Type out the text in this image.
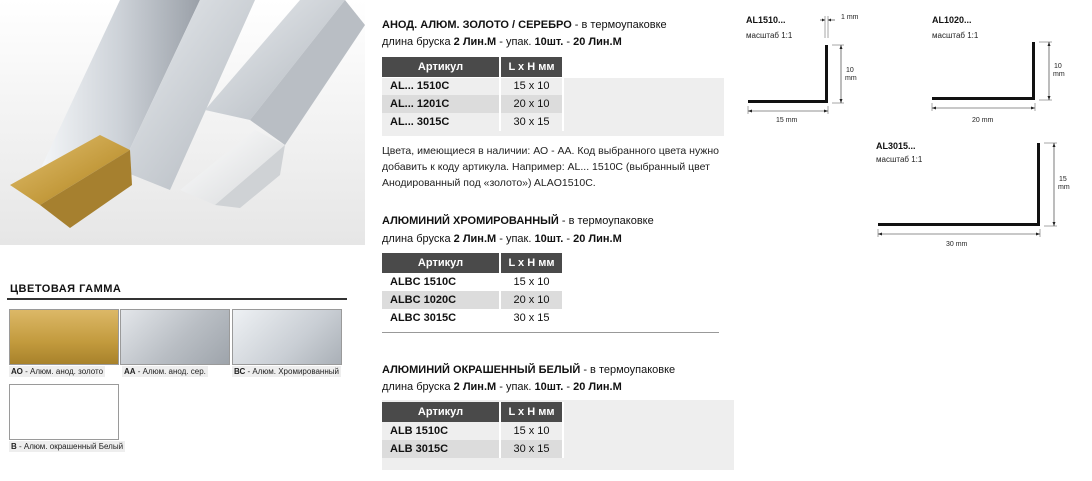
ЦВЕТОВАЯ ГАММА
АО - Алюм. анод. золото	АА - Алюм. анод. сер.	ВС - Алюм. Хромированный
В - Алюм. окрашенный Белый
АНОД. АЛЮМ. ЗОЛОТО / СЕРЕБРО - в термоупаковке
длина бруска 2 Лин.М - упак. 10шт. - 20 Лин.М
Артикул	L x H мм
AL... 1510C	15 x 10
AL... 1201C	20 x 10
AL... 3015C	30 x 15
Цвета, имеющиеся в наличии: АО - АА. Код выбранного цвета нужно добавить к коду артикула. Например: AL... 1510C (выбранный цвет Анодированный под «золото») ALAO1510C.
АЛЮМИНИЙ ХРОМИРОВАННЫЙ - в термоупаковке
длина бруска 2 Лин.М - упак. 10шт. - 20 Лин.М
Артикул	L x H мм
ALBC 1510C	15 x 10
ALBC 1020C	20 x 10
ALBC 3015C	30 x 15
АЛЮМИНИЙ ОКРАШЕННЫЙ БЕЛЫЙ - в термоупаковке
длина бруска 2 Лин.М - упак. 10шт. - 20 Лин.М
Артикул	L x H мм
ALB 1510C	15 x 10
ALB 3015C	30 x 15
AL1510...
масштаб 1:1
1 mm
10
mm
15 mm
AL1020...
масштаб 1:1
10
mm
20 mm
AL3015...
масштаб 1:1
15
mm
30 mm
